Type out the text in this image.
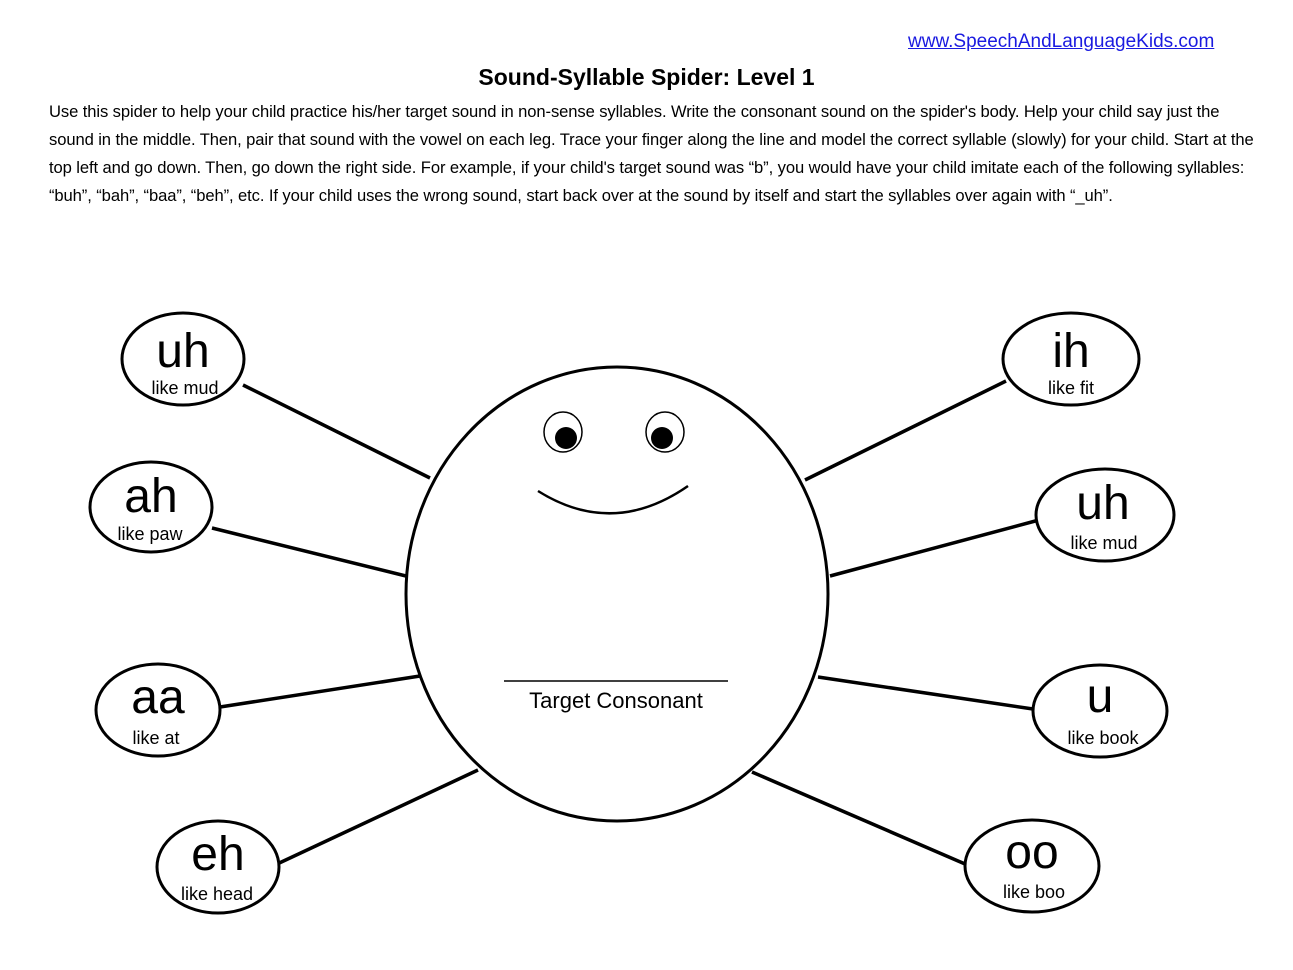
www.SpeechAndLanguageKids.com
Sound-Syllable Spider: Level 1

Use this spider to help your child practice his/her target sound in non-sense syllables. Write the consonant sound on the spider's body. Help your child say just the sound in the middle. Then, pair that sound with the vowel on each leg. Trace your finger along the line and model the correct syllable (slowly) for your child. Start at the top left and go down. Then, go down the right side. For example, if your child's target sound was “b”, you would have your child imitate each of the following syllables: “buh”, “bah”, “baa”, “beh”, etc. If your child uses the wrong sound, start back over at the sound by itself and start the syllables over again with “_uh”.

Target Consonant
uh
like mud
ah
like paw
aa
like at
eh
like head
ih
like fit
uh
like mud
u
like book
oo
like boo
